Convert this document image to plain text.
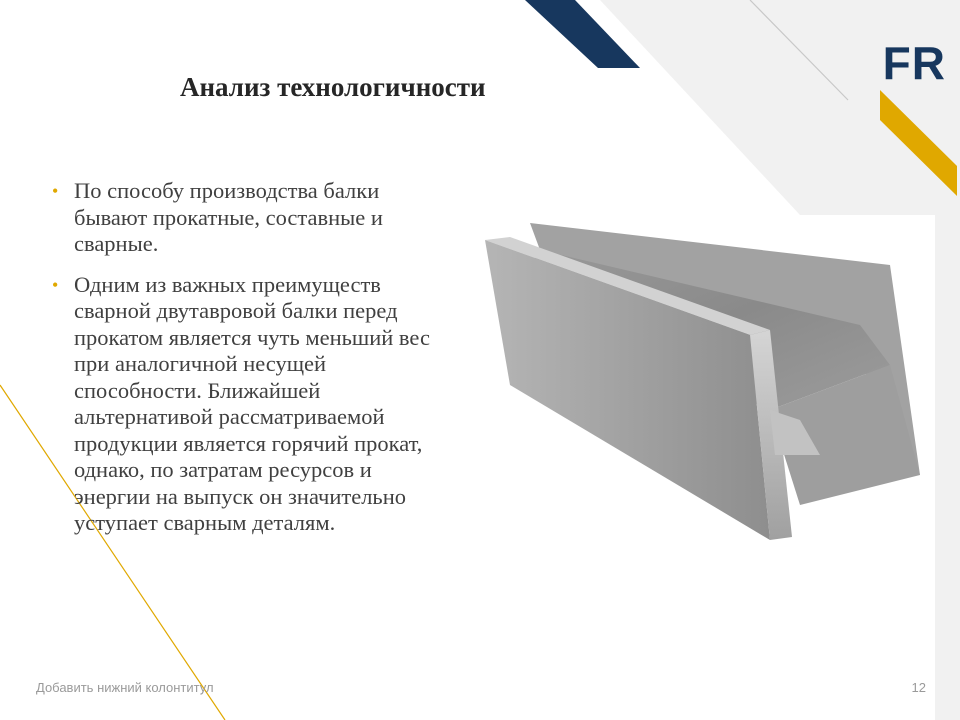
FR
Анализ технологичности
• По способу производства балки бывают прокатные, составные и сварные.
• Одним из важных преимуществ сварной двутавровой балки перед прокатом является чуть меньший вес при аналогичной несущей способности. Ближайшей альтернативой рассматриваемой продукции является горячий прокат, однако, по затратам ресурсов и энергии на выпуск он значительно уступает сварным деталям.
Добавить нижний колонтитул	12
